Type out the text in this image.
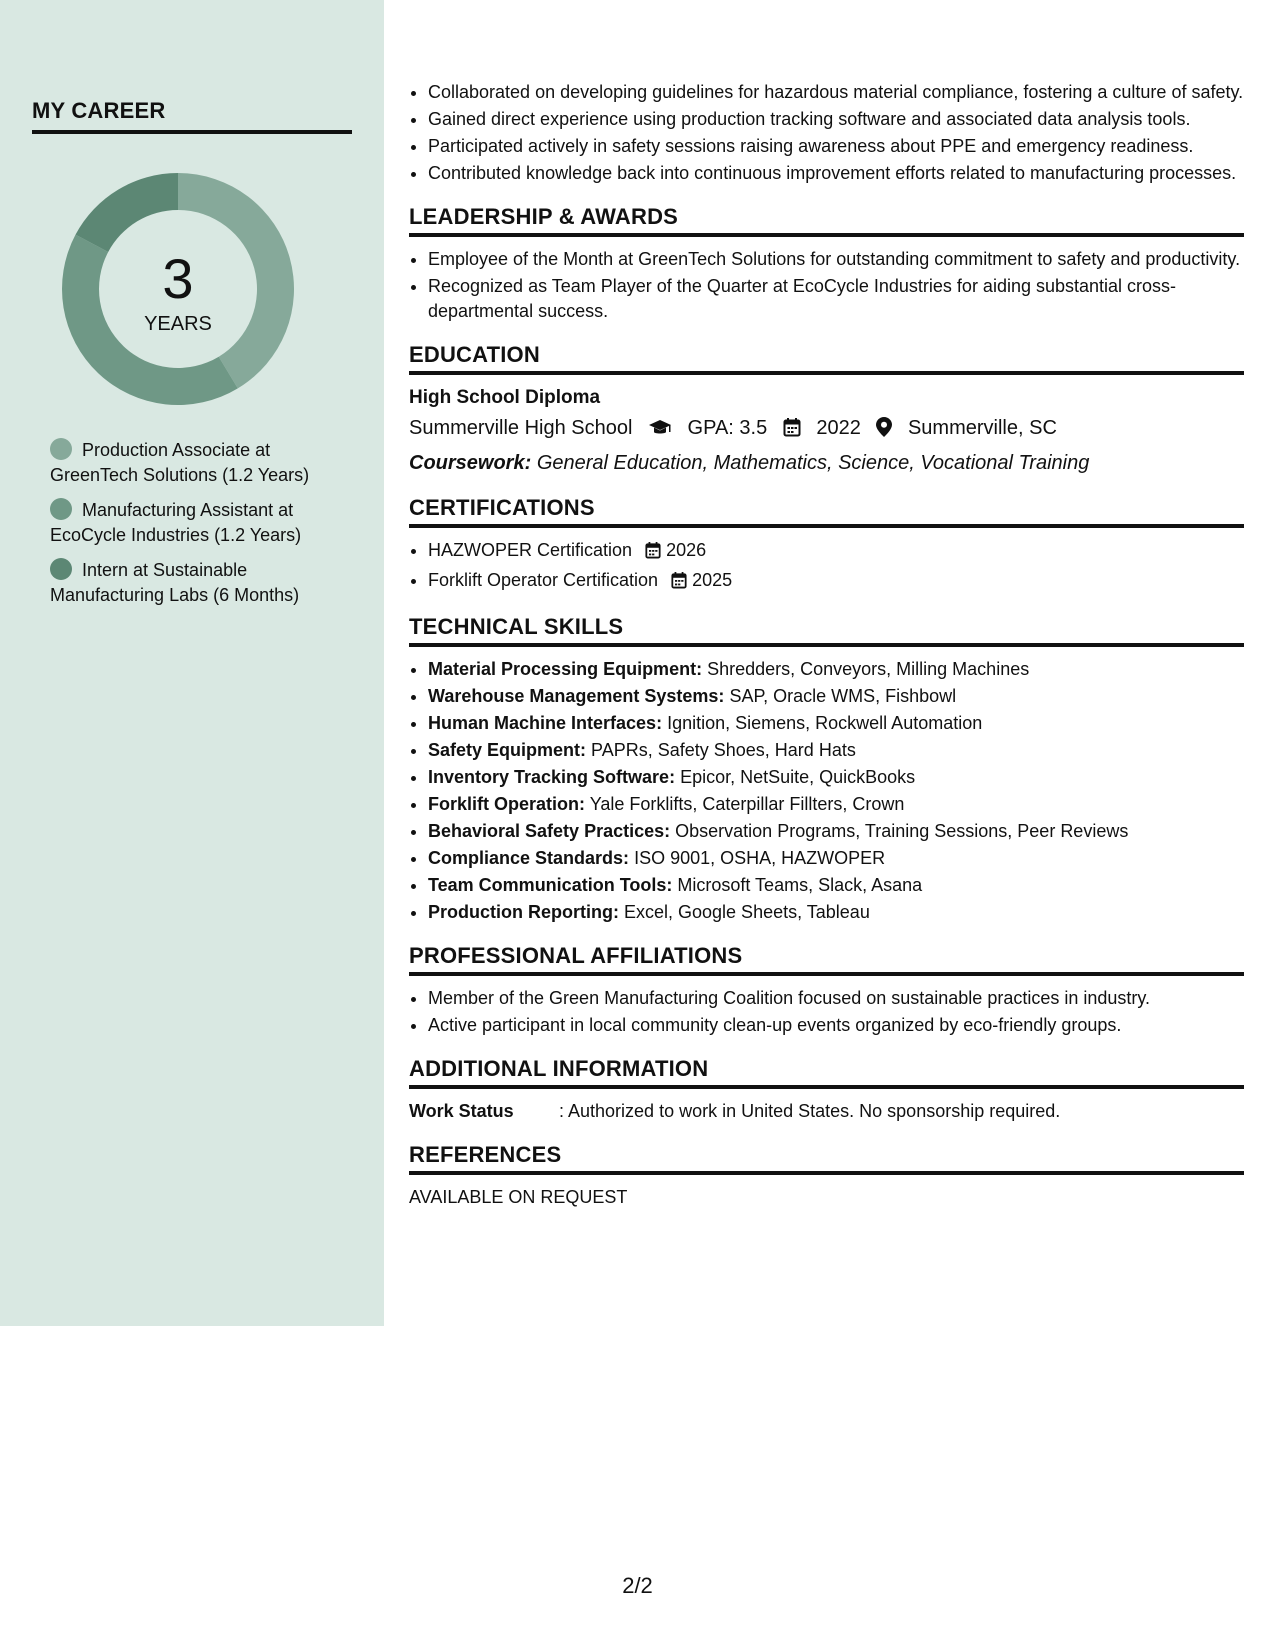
MY CAREER
3
YEARS
Production Associate at GreenTech Solutions (1.2 Years)
Manufacturing Assistant at EcoCycle Industries (1.2 Years)
Intern at Sustainable Manufacturing Labs (6 Months)
• Collaborated on developing guidelines for hazardous material compliance, fostering a culture of safety.
• Gained direct experience using production tracking software and associated data analysis tools.
• Participated actively in safety sessions raising awareness about PPE and emergency readiness.
• Contributed knowledge back into continuous improvement efforts related to manufacturing processes.
LEADERSHIP & AWARDS
• Employee of the Month at GreenTech Solutions for outstanding commitment to safety and productivity.
• Recognized as Team Player of the Quarter at EcoCycle Industries for aiding substantial cross-departmental success.
EDUCATION
High School Diploma
Summerville High School	GPA: 3.5 2022 Summerville, SC
Coursework: General Education, Mathematics, Science, Vocational Training
CERTIFICATIONS
• HAZWOPER Certification 2026
• Forklift Operator Certification 2025
TECHNICAL SKILLS
• Material Processing Equipment: Shredders, Conveyors, Milling Machines
• Warehouse Management Systems: SAP, Oracle WMS, Fishbowl
• Human Machine Interfaces: Ignition, Siemens, Rockwell Automation
• Safety Equipment: PAPRs, Safety Shoes, Hard Hats
• Inventory Tracking Software: Epicor, NetSuite, QuickBooks
• Forklift Operation: Yale Forklifts, Caterpillar Fillters, Crown
• Behavioral Safety Practices: Observation Programs, Training Sessions, Peer Reviews
• Compliance Standards: ISO 9001, OSHA, HAZWOPER
• Team Communication Tools: Microsoft Teams, Slack, Asana
• Production Reporting: Excel, Google Sheets, Tableau
PROFESSIONAL AFFILIATIONS
• Member of the Green Manufacturing Coalition focused on sustainable practices in industry.
• Active participant in local community clean-up events organized by eco-friendly groups.
ADDITIONAL INFORMATION
Work Status	: Authorized to work in United States. No sponsorship required.
REFERENCES
AVAILABLE ON REQUEST
2/2
